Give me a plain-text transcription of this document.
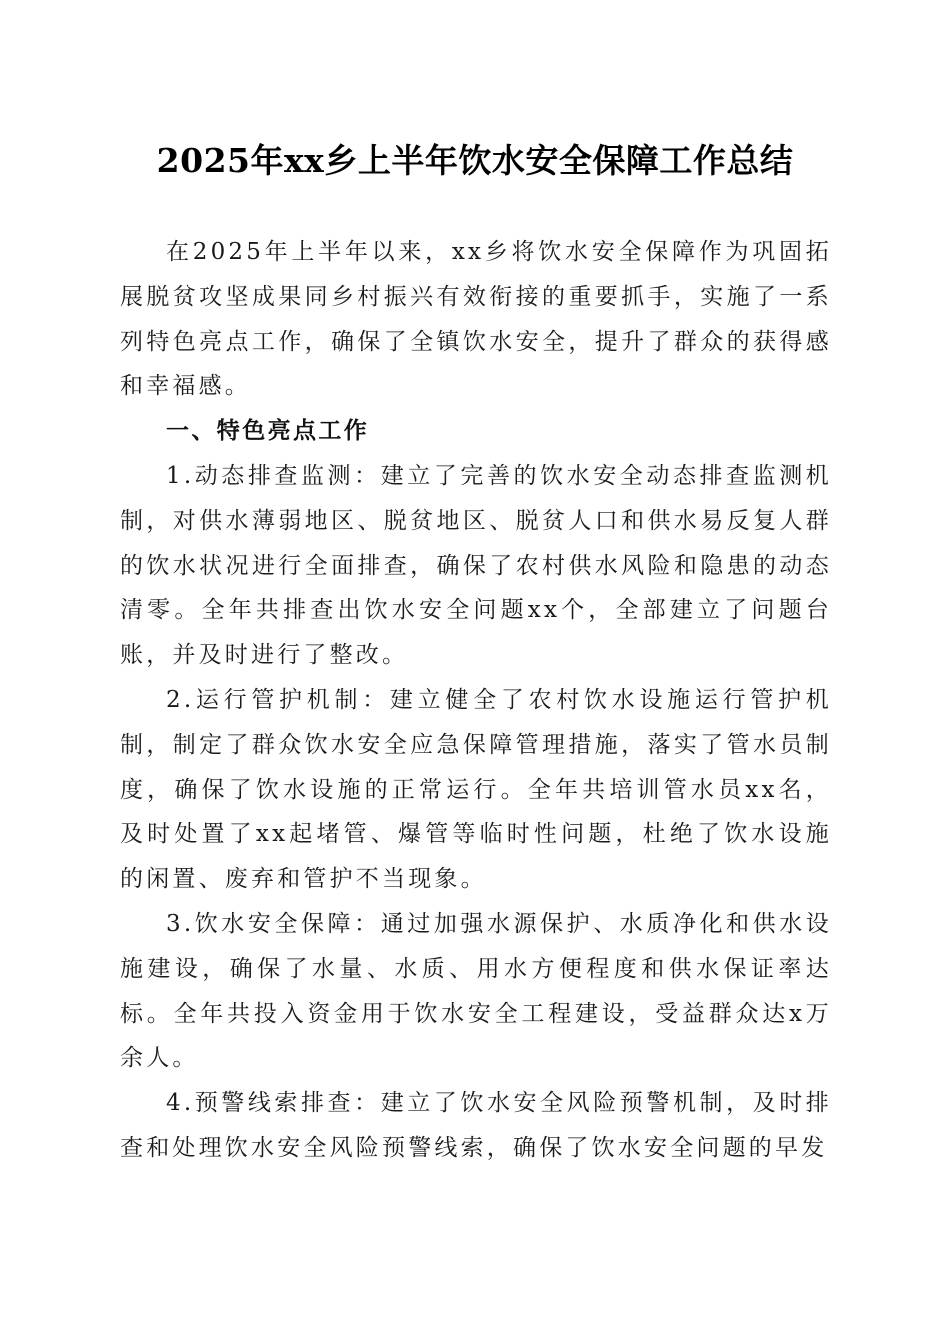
2025年xx乡上半年饮水安全保障工作总结

在2025年上半年以来，xx乡将饮水安全保障作为巩固拓展脱贫攻坚成果同乡村振兴有效衔接的重要抓手，实施了一系列特色亮点工作，确保了全镇饮水安全，提升了群众的获得感和幸福感。

一、特色亮点工作

1.动态排查监测：建立了完善的饮水安全动态排查监测机制，对供水薄弱地区、脱贫地区、脱贫人口和供水易反复人群的饮水状况进行全面排查，确保了农村供水风险和隐患的动态清零。全年共排查出饮水安全问题xx个，全部建立了问题台账，并及时进行了整改。

2.运行管护机制：建立健全了农村饮水设施运行管护机制，制定了群众饮水安全应急保障管理措施，落实了管水员制度，确保了饮水设施的正常运行。全年共培训管水员xx名，及时处置了xx起堵管、爆管等临时性问题，杜绝了饮水设施的闲置、废弃和管护不当现象。

3.饮水安全保障：通过加强水源保护、水质净化和供水设施建设，确保了水量、水质、用水方便程度和供水保证率达标。全年共投入资金用于饮水安全工程建设，受益群众达x万余人。

4.预警线索排查：建立了饮水安全风险预警机制，及时排查和处理饮水安全风险预警线索，确保了饮水安全问题的早发
